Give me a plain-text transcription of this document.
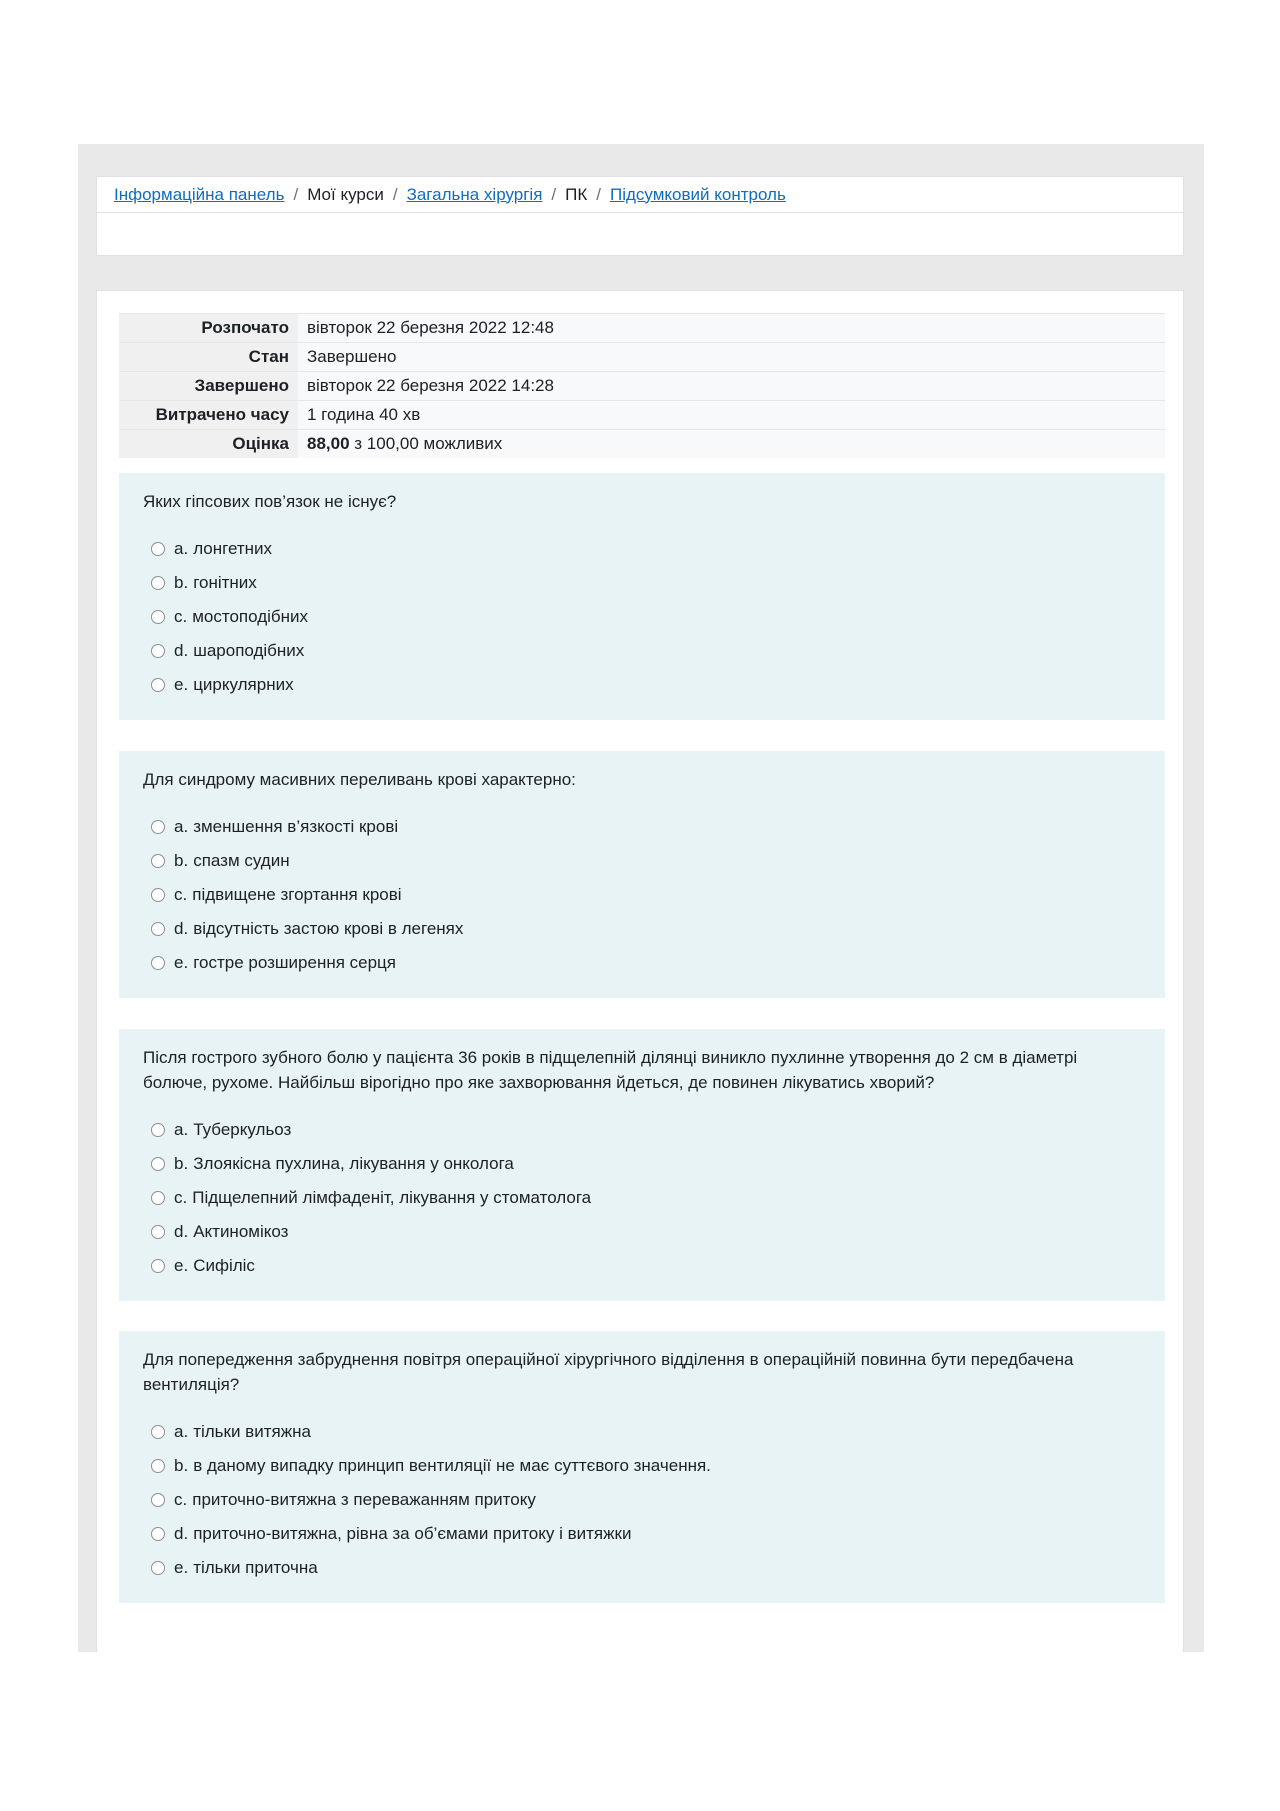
Інформаційна панель / Мої курси / Загальна хірургія / ПК / Підсумковий контроль
Розпочато	вівторок 22 березня 2022 12:48
Стан	Завершено
Завершено	вівторок 22 березня 2022 14:28
Витрачено часу	1 година 40 хв
Оцінка	88,00 з 100,00 можливих
Яких гіпсових пов’язок не існує?
a. лонгетних
b. гонітних
c. мостоподібних
d. шароподібних
e. циркулярних
Для синдрому масивних переливань крові характерно:
a. зменшення в’язкості крові
b. спазм судин
c. підвищене згортання крові
d. відсутність застою крові в легенях
e. гостре розширення серця
Після гострого зубного болю у пацієнта 36 років в підщелепній ділянці виникло пухлинне утворення до 2 см в діаметрі болюче, рухоме. Найбільш вірогідно про яке захворювання йдеться, де повинен лікуватись хворий?
a. Туберкульоз
b. Злоякісна пухлина, лікування у онколога
c. Підщелепний лімфаденіт, лікування у стоматолога
d. Актиномікоз
e. Сифіліс
Для попередження забруднення повітря операційної хірургічного відділення в операційній повинна бути передбачена вентиляція?
a. тільки витяжна
b. в даному випадку принцип вентиляції не має суттєвого значення.
c. приточно-витяжна з переважанням притоку
d. приточно-витяжна, рівна за об’ємами притоку і витяжки
e. тільки приточна
